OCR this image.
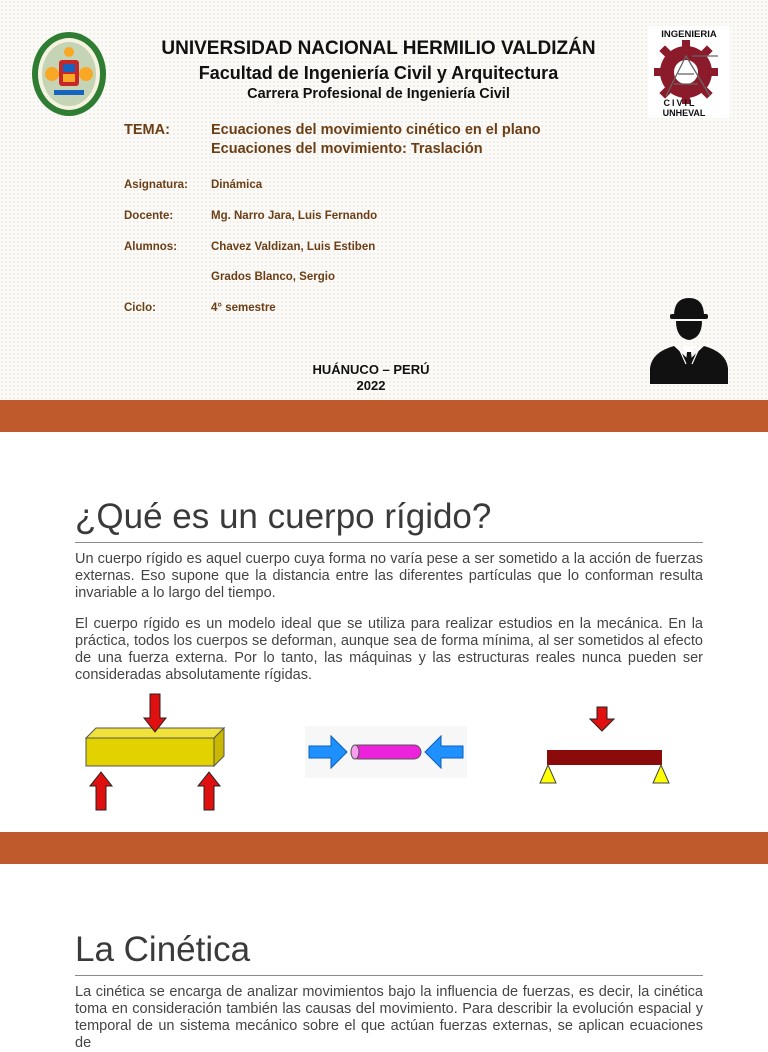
UNIVERSIDAD NACIONAL HERMILIO VALDIZÁN
Facultad de Ingeniería Civil y Arquitectura
Carrera Profesional de Ingeniería Civil
INGENIERIA
CIVIL
UNHEVAL
TEMA:	Ecuaciones del movimiento cinético en el plano
Ecuaciones del movimiento: Traslación
Asignatura: Dinámica
Docente:	Mg. Narro Jara, Luis Fernando
Alumnos:	Chavez Valdizan, Luis Estiben
Grados Blanco, Sergio
Ciclo:	4° semestre
HUÁNUCO – PERÚ
2022
¿Qué es un cuerpo rígido?

Un cuerpo rígido es aquel cuerpo cuya forma no varía pese a ser sometido a la acción de fuerzas externas. Eso supone que la distancia entre las diferentes partículas que lo conforman resulta invariable a lo largo del tiempo.

El cuerpo rígido es un modelo ideal que se utiliza para realizar estudios en la mecánica. En la práctica, todos los cuerpos se deforman, aunque sea de forma mínima, al ser sometidos al efecto de una fuerza externa. Por lo tanto, las máquinas y las estructuras reales nunca pueden ser consideradas absolutamente rígidas.

La Cinética

La cinética se encarga de analizar movimientos bajo la influencia de fuerzas, es decir, la cinética toma en consideración también las causas del movimiento. Para describir la evolución espacial y temporal de un sistema mecánico sobre el que actúan fuerzas externas, se aplican ecuaciones de
